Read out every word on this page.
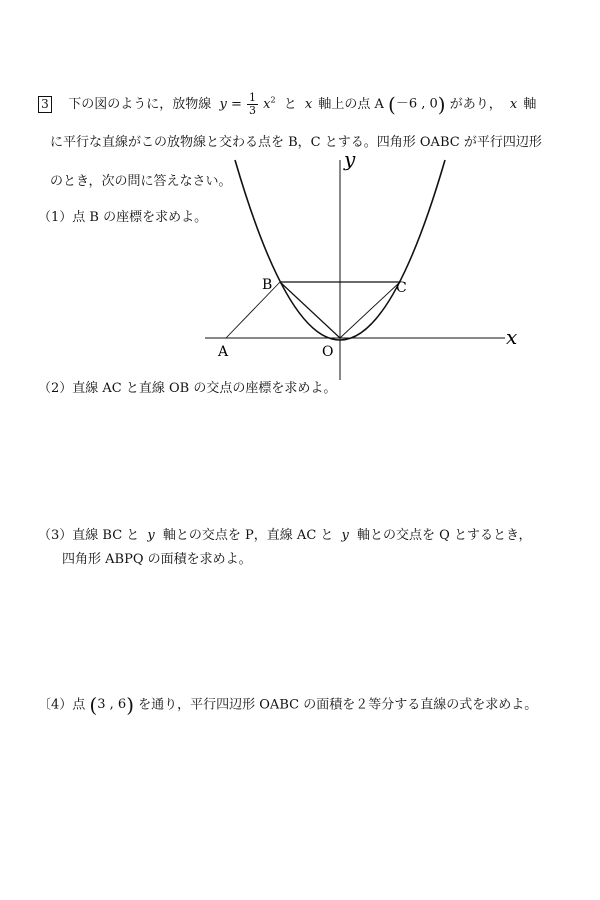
3 下の図のように，放物線 $y = \frac{1}{3} x^2$ と x 軸上の点 A (－6 , 0) があり， x 軸
に平行な直線がこの放物線と交わる点を B，C とする。四角形 OABC が平行四辺形
のとき，次の問に答えなさい。
（1）点 B の座標を求めよ。
y
x
B	C
A	O
（2）直線 AC と直線 OB の交点の座標を求めよ。
（3）直線 BC と y 軸との交点を P，直線 AC と y 軸との交点を Q とするとき，
四角形 ABPQ の面積を求めよ。
〔4）点 (3 , 6) を通り，平行四辺形 OABC の面積を２等分する直線の式を求めよ。
